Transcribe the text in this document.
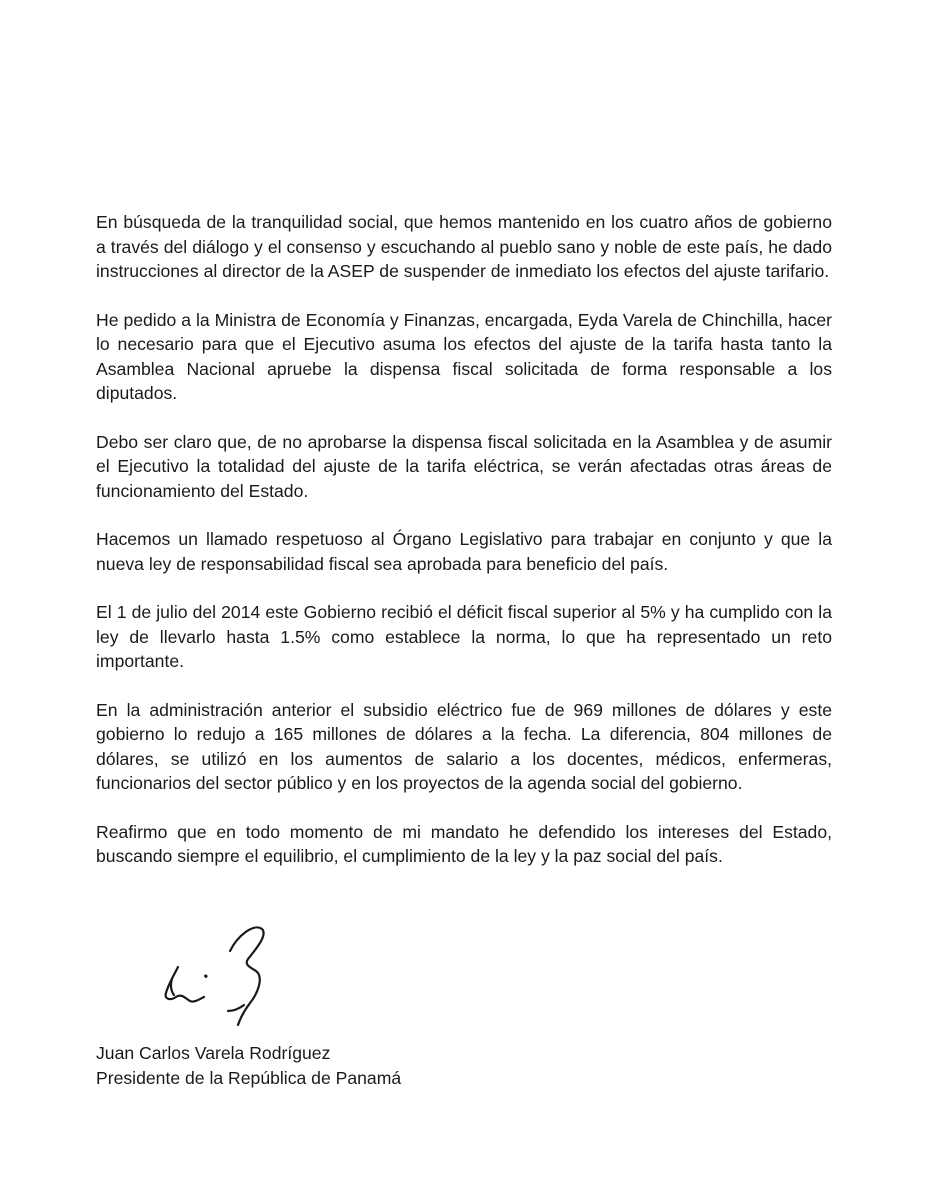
En búsqueda de la tranquilidad social, que hemos mantenido en los cuatro años de gobierno a través del diálogo y el consenso y escuchando al pueblo sano y noble de este país, he dado instrucciones al director de la ASEP de suspender de inmediato los efectos del ajuste tarifario.

He pedido a la Ministra de Economía y Finanzas, encargada, Eyda Varela de Chinchilla, hacer lo necesario para que el Ejecutivo asuma los efectos del ajuste de la tarifa hasta tanto la Asamblea Nacional apruebe la dispensa fiscal solicitada de forma responsable a los diputados.

Debo ser claro que, de no aprobarse la dispensa fiscal solicitada en la Asamblea y de asumir el Ejecutivo la totalidad del ajuste de la tarifa eléctrica, se verán afectadas otras áreas de funcionamiento del Estado.

Hacemos un llamado respetuoso al Órgano Legislativo para trabajar en conjunto y que la nueva ley de responsabilidad fiscal sea aprobada para beneficio del país.

El 1 de julio del 2014 este Gobierno recibió el déficit fiscal superior al 5% y ha cumplido con la ley de llevarlo hasta 1.5% como establece la norma, lo que ha representado un reto importante.

En la administración anterior el subsidio eléctrico fue de 969 millones de dólares y este gobierno lo redujo a 165 millones de dólares a la fecha. La diferencia, 804 millones de dólares, se utilizó en los aumentos de salario a los docentes, médicos, enfermeras, funcionarios del sector público y en los proyectos de la agenda social del gobierno.

Reafirmo que en todo momento de mi mandato he defendido los intereses del Estado, buscando siempre el equilibrio, el cumplimiento de la ley y la paz social del país.

Juan Carlos Varela Rodríguez

Presidente de la República de Panamá
